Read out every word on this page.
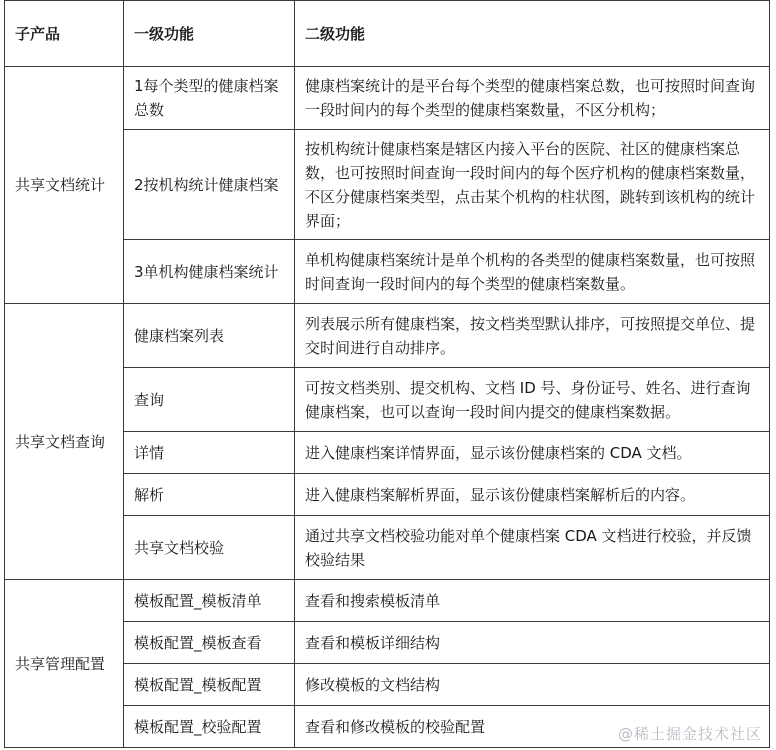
子产品	一级功能	二级功能
共享文档统计	1每个类型的健康档案总数	健康档案统计的是平台每个类型的健康档案总数，也可按照时间查询一段时间内的每个类型的健康档案数量，不区分机构；
	2按机构统计健康档案	按机构统计健康档案是辖区内接入平台的医院、社区的健康档案总数，也可按照时间查询一段时间内的每个医疗机构的健康档案数量，不区分健康档案类型，点击某个机构的柱状图，跳转到该机构的统计界面；
	3单机构健康档案统计	单机构健康档案统计是单个机构的各类型的健康档案数量，也可按照时间查询一段时间内的每个类型的健康档案数量。
共享文档查询	健康档案列表	列表展示所有健康档案，按文档类型默认排序，可按照提交单位、提交时间进行自动排序。
	查询	可按文档类别、提交机构、文档 ID 号、身份证号、姓名、进行查询健康档案，也可以查询一段时间内提交的健康档案数据。
	详情	进入健康档案详情界面，显示该份健康档案的 CDA 文档。
	解析	进入健康档案解析界面，显示该份健康档案解析后的内容。
	共享文档校验	通过共享文档校验功能对单个健康档案 CDA 文档进行校验，并反馈校验结果
共享管理配置	模板配置_模板清单	查看和搜索模板清单
	模板配置_模板查看	查看和模板详细结构
	模板配置_模板配置	修改模板的文档结构
	模板配置_校验配置	查看和修改模板的校验配置	@稀土掘金技术社区
